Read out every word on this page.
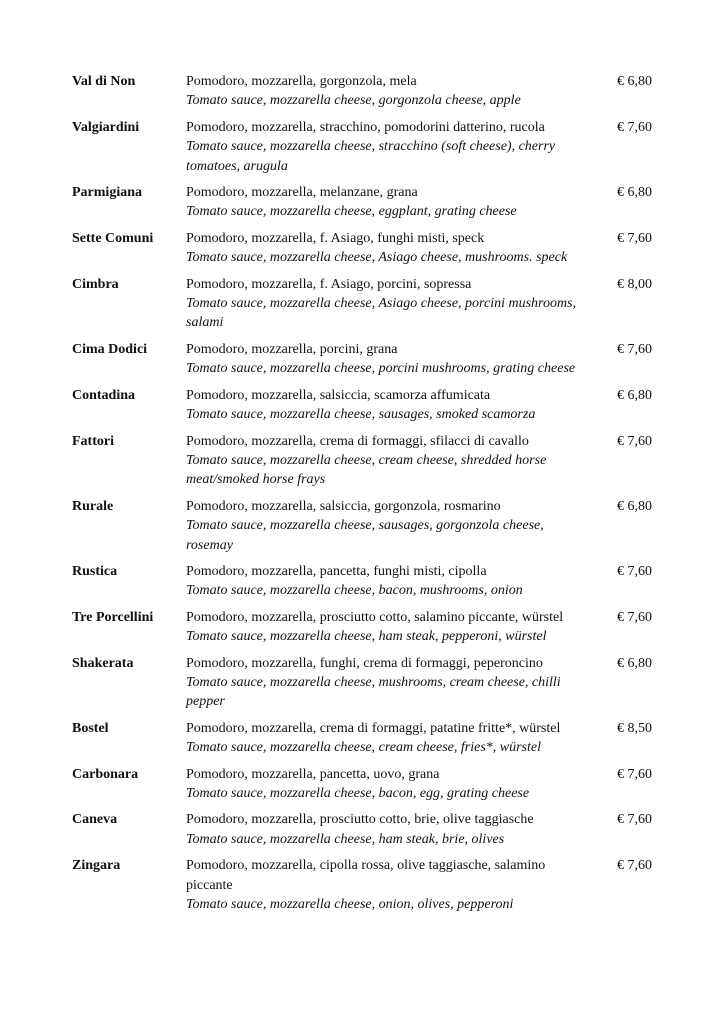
Val di Non	Pomodoro, mozzarella, gorgonzola, mela
Tomato sauce, mozzarella cheese, gorgonzola cheese, apple
€ 6,80
Valgiardini	Pomodoro, mozzarella, stracchino, pomodorini datterino, rucola
Tomato sauce, mozzarella cheese, stracchino (soft cheese), cherry tomatoes, arugula
€ 7,60
Parmigiana	Pomodoro, mozzarella, melanzane, grana
Tomato sauce, mozzarella cheese, eggplant, grating cheese
€ 6,80
Sette Comuni	Pomodoro, mozzarella, f. Asiago, funghi misti, speck
Tomato sauce, mozzarella cheese, Asiago cheese, mushrooms. speck
€ 7,60
Cimbra	Pomodoro, mozzarella, f. Asiago, porcini, sopressa
Tomato sauce, mozzarella cheese, Asiago cheese, porcini mushrooms, salami
€ 8,00
Cima Dodici	Pomodoro, mozzarella, porcini, grana
Tomato sauce, mozzarella cheese, porcini mushrooms, grating cheese
€ 7,60
Contadina	Pomodoro, mozzarella, salsiccia, scamorza affumicata
Tomato sauce, mozzarella cheese, sausages, smoked scamorza
€ 6,80
Fattori	Pomodoro, mozzarella, crema di formaggi, sfilacci di cavallo
Tomato sauce, mozzarella cheese, cream cheese, shredded horse meat/smoked horse frays
€ 7,60
Rurale	Pomodoro, mozzarella, salsiccia, gorgonzola, rosmarino
Tomato sauce, mozzarella cheese, sausages, gorgonzola cheese, rosemay
€ 6,80
Rustica	Pomodoro, mozzarella, pancetta, funghi misti, cipolla
Tomato sauce, mozzarella cheese, bacon, mushrooms, onion
€ 7,60
Tre Porcellini	Pomodoro, mozzarella, prosciutto cotto, salamino piccante, würstel
Tomato sauce, mozzarella cheese, ham steak, pepperoni, würstel
€ 7,60
Shakerata	Pomodoro, mozzarella, funghi, crema di formaggi, peperoncino
Tomato sauce, mozzarella cheese, mushrooms, cream cheese, chilli pepper
€ 6,80
Bostel	Pomodoro, mozzarella, crema di formaggi, patatine fritte*, würstel
Tomato sauce, mozzarella cheese, cream cheese, fries*, würstel
€ 8,50
Carbonara	Pomodoro, mozzarella, pancetta, uovo, grana
Tomato sauce, mozzarella cheese, bacon, egg, grating cheese
€ 7,60
Caneva	Pomodoro, mozzarella, prosciutto cotto, brie, olive taggiasche
Tomato sauce, mozzarella cheese, ham steak, brie, olives
€ 7,60
Zingara	Pomodoro, mozzarella, cipolla rossa, olive taggiasche, salamino piccante
Tomato sauce, mozzarella cheese, onion, olives, pepperoni
€ 7,60
